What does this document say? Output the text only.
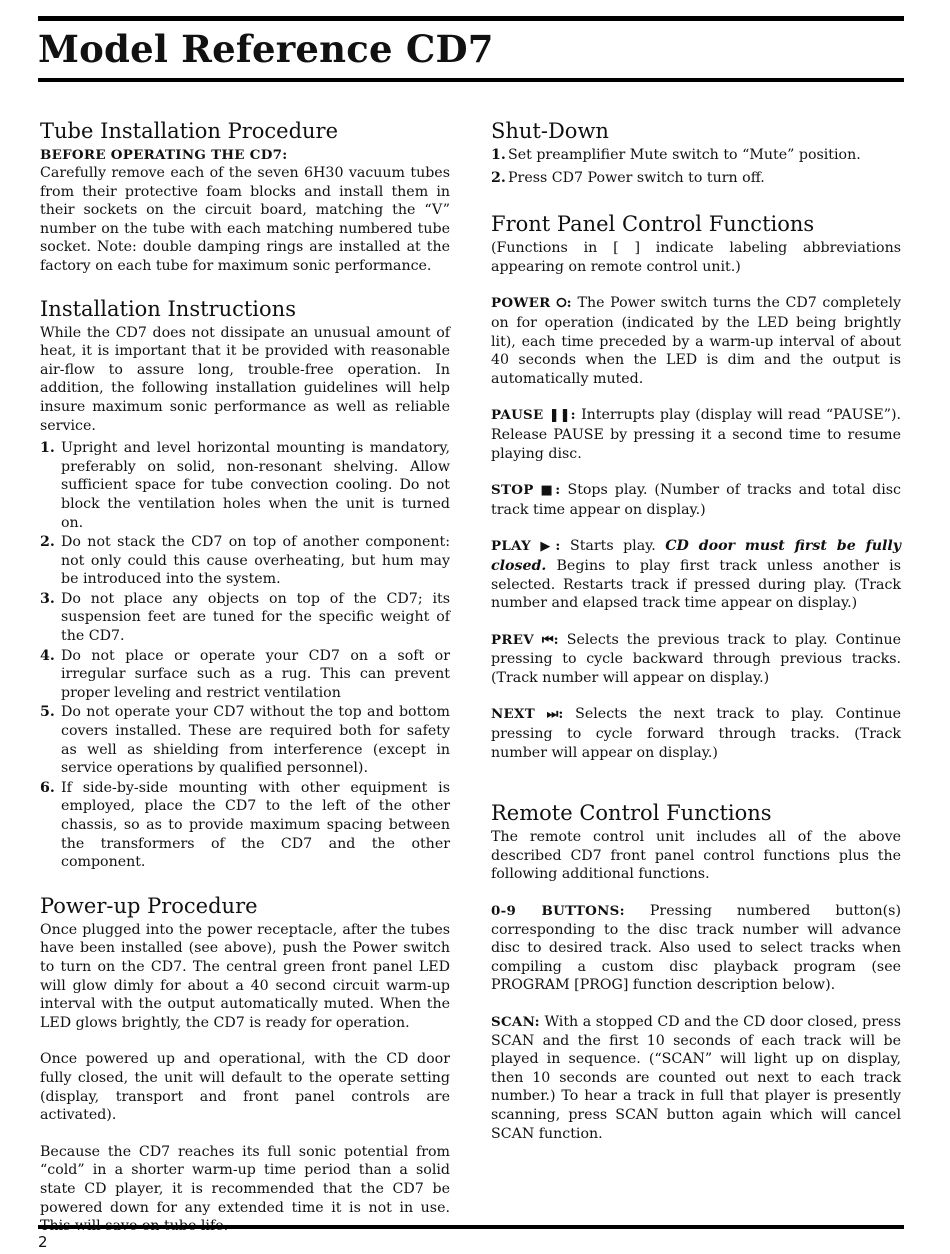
Model Reference CD7
Tube Installation Procedure
BEFORE OPERATING THE CD7:

Carefully remove each of the seven 6H30 vacuum tubes from their protective foam blocks and install them in their sockets on the circuit board, matching the “V” number on the tube with each matching numbered tube socket. Note: double damping rings are installed at the factory on each tube for maximum sonic performance.

Installation Instructions

While the CD7 does not dissipate an unusual amount of heat, it is important that it be provided with reasonable air-flow to assure long, trouble-free operation. In addition, the following installation guidelines will help insure maximum sonic performance as well as reliable service.

1. Upright and level horizontal mounting is mandatory, preferably on solid, non-resonant shelving. Allow sufficient space for tube convection cooling. Do not block the ventilation holes when the unit is turned on.
2. Do not stack the CD7 on top of another component: not only could this cause overheating, but hum may be introduced into the system.
3. Do not place any objects on top of the CD7; its suspension feet are tuned for the specific weight of the CD7.
4. Do not place or operate your CD7 on a soft or irregular surface such as a rug. This can prevent proper leveling and restrict ventilation
5. Do not operate your CD7 without the top and bottom covers installed. These are required both for safety as well as shielding from interference (except in service operations by qualified personnel).
6. If side-by-side mounting with other equipment is employed, place the CD7 to the left of the other chassis, so as to provide maximum spacing between the transformers of the CD7 and the other component.
Power-up Procedure

Once plugged into the power receptacle, after the tubes have been installed (see above), push the Power switch to turn on the CD7. The central green front panel LED will glow dimly for about a 40 second circuit warm-up interval with the output automatically muted. When the LED glows brightly, the CD7 is ready for operation.

Once powered up and operational, with the CD door fully closed, the unit will default to the operate setting (display, transport and front panel controls are activated).

Because the CD7 reaches its full sonic potential from “cold” in a shorter warm-up time period than a solid state CD player, it is recommended that the CD7 be powered down for any extended time it is not in use.

Shut-Down
1. Set preamplifier Mute switch to “Mute” position.
2. Press CD7 Power switch to turn off.
Front Panel Control Functions

(Functions in [ ] indicate labeling abbreviations appearing on remote control unit.)

POWER ⭘: The Power switch turns the CD7 completely on for operation (indicated by the LED being brightly lit), each time preceded by a warm-up interval of about 40 seconds when the LED is dim and the output is automatically muted.

PAUSE ❚❚: Interrupts play (display will read “PAUSE”). Release PAUSE by pressing it a second time to resume playing disc.

STOP ■: Stops play. (Number of tracks and total disc track time appear on display.)

PLAY ▶: Starts play. CD door must first be fully closed. Begins to play first track unless another is selected. Restarts track if pressed during play. (Track number and elapsed track time appear on display.)

PREV ⏮: Selects the previous track to play. Continue pressing to cycle backward through previous tracks. (Track number will appear on display.)

NEXT ⏭: Selects the next track to play. Continue pressing to cycle forward through tracks. (Track number will appear on display.)

Remote Control Functions

The remote control unit includes all of the above described CD7 front panel control functions plus the following additional functions.

0-9 BUTTONS: Pressing numbered button(s) corresponding to the disc track number will advance disc to desired track. Also used to select tracks when compiling a custom disc playback program (see PROGRAM [PROG] function description below).

SCAN: With a stopped CD and the CD door closed, press SCAN and the first 10 seconds of each track will be played in sequence. (“SCAN” will light up on display, then 10 seconds are counted out next to each track number.) To hear a track in full that player is presently scanning, press SCAN button again which will cancel SCAN function.

2
